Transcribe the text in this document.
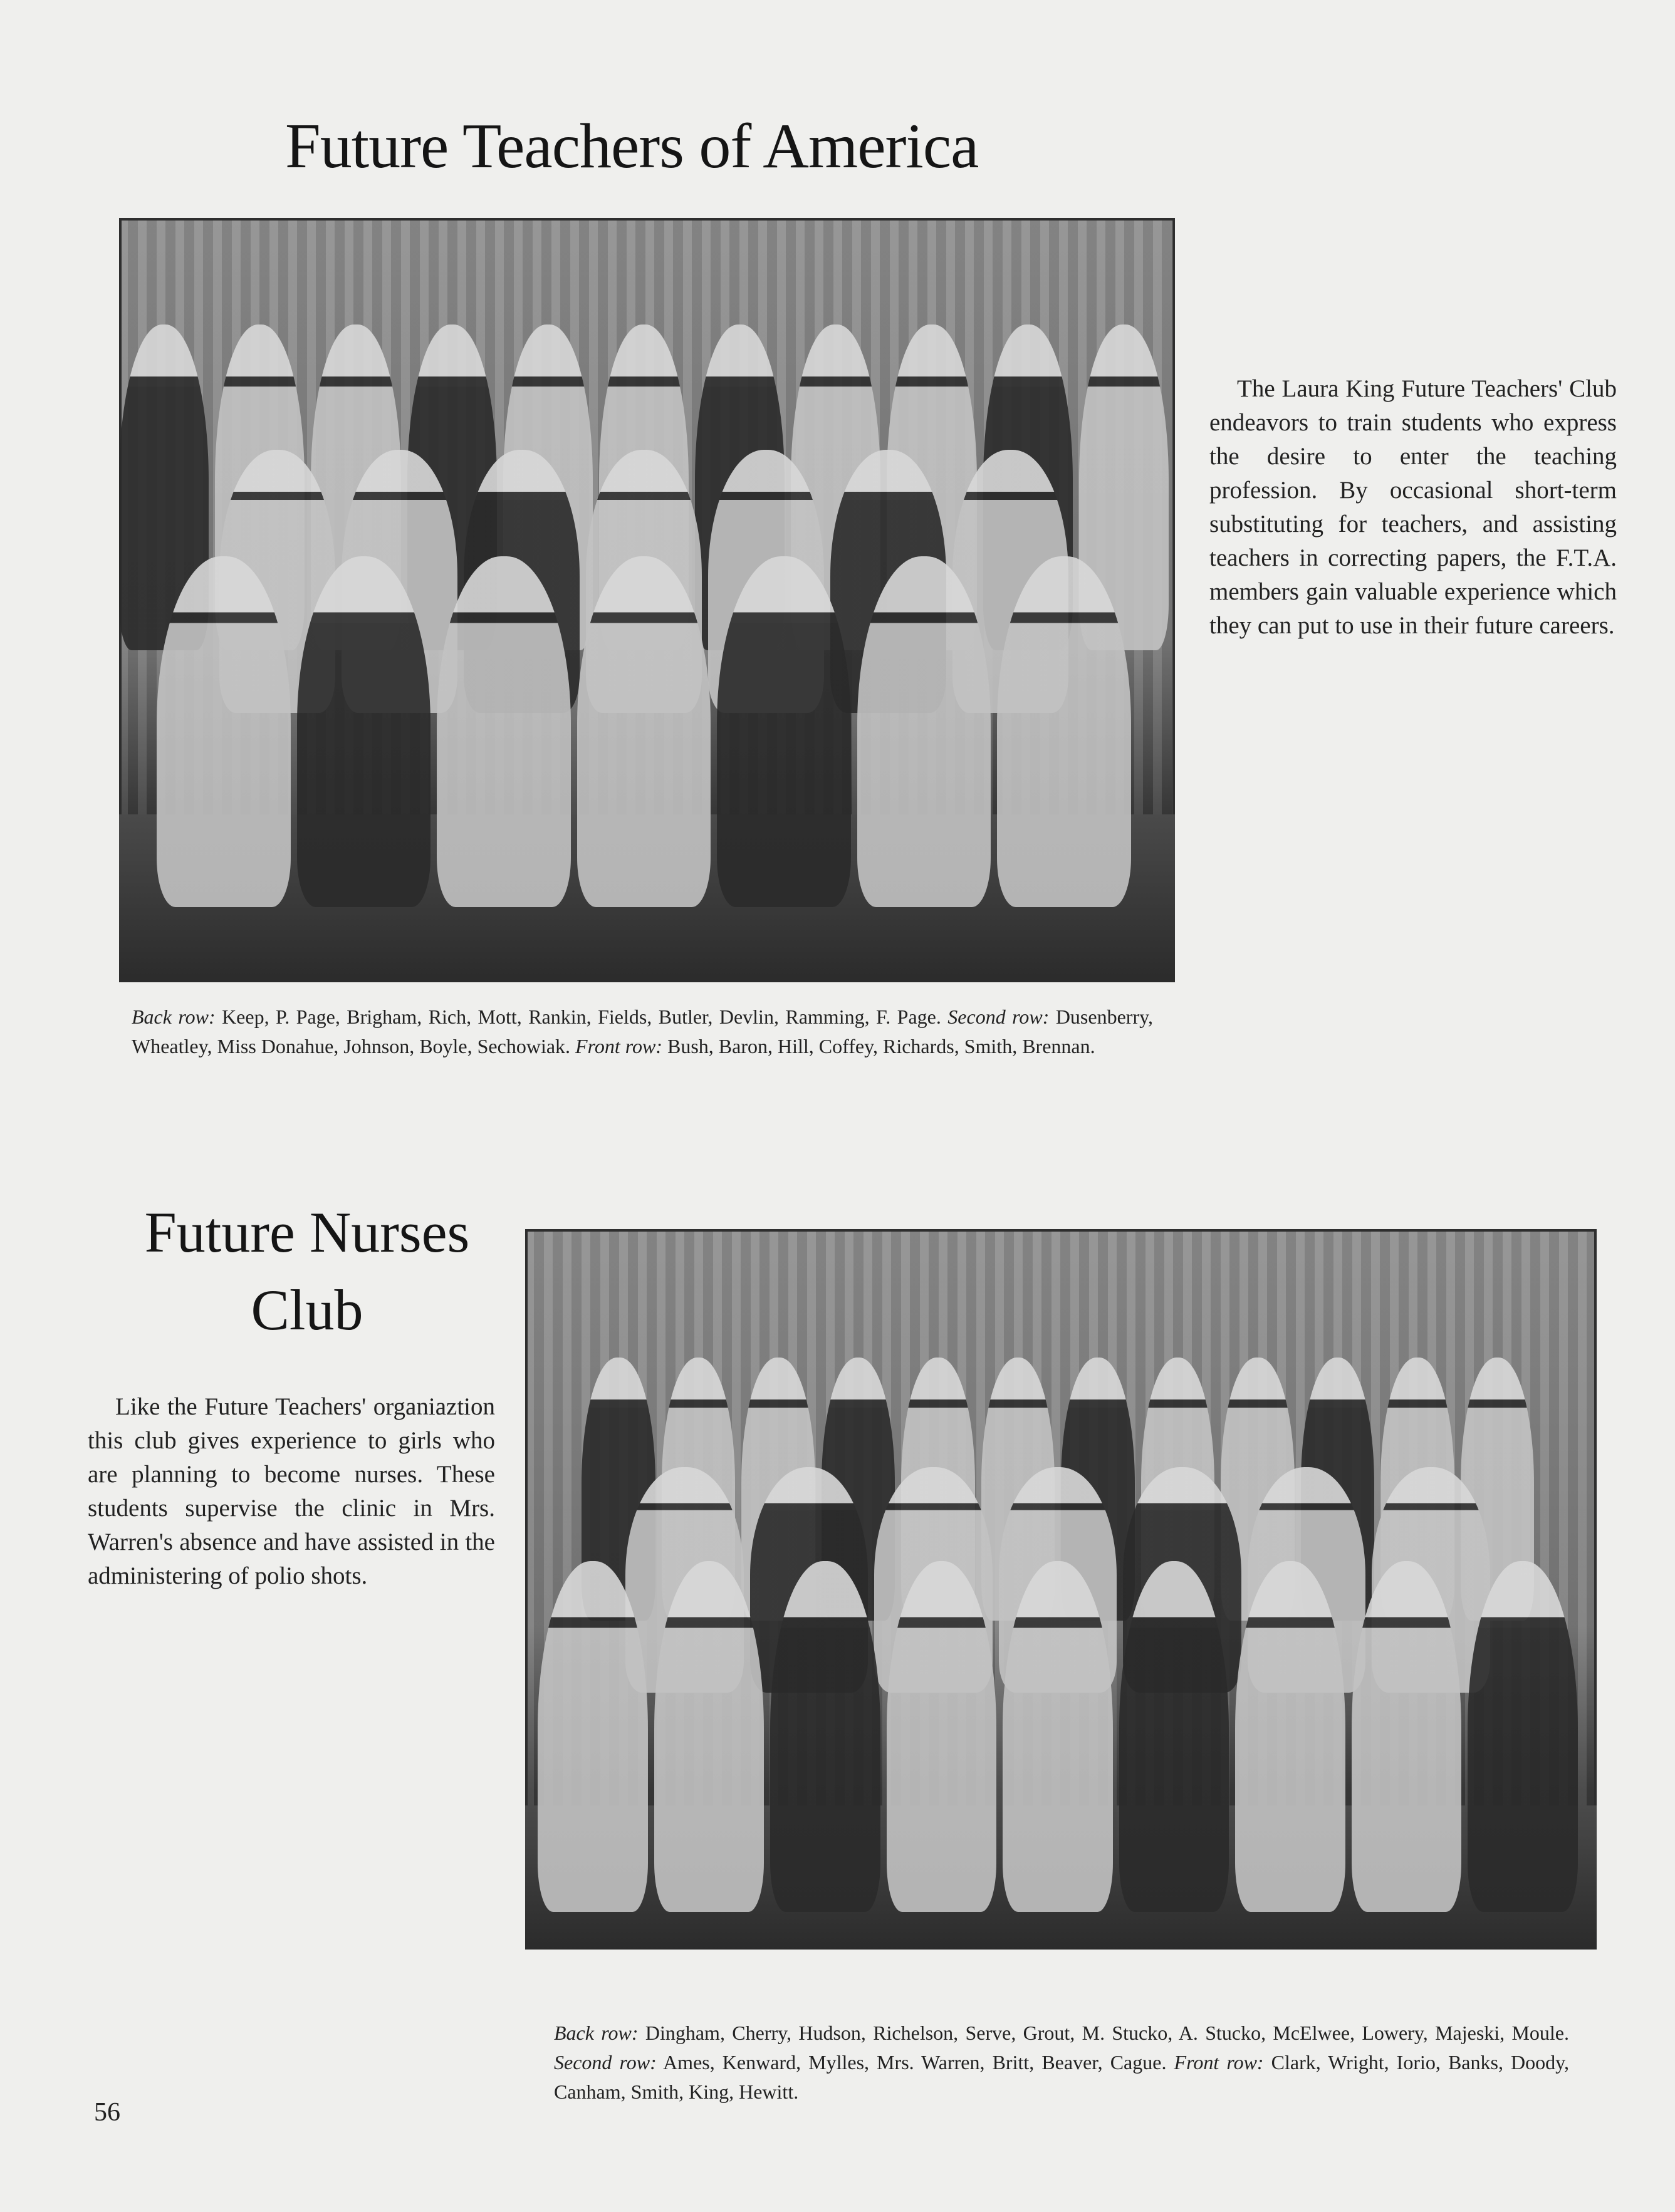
Future Teachers of America

The Laura King Future Teachers' Club endeavors to train students who express the desire to enter the teaching profession. By occasional short-term substituting for teachers, and assisting teachers in correcting papers, the F.T.A. members gain valuable experience which they can put to use in their future careers.

Back row: Keep, P. Page, Brigham, Rich, Mott, Rankin, Fields, Butler, Devlin, Ramming, F. Page. Second row: Dusenberry, Wheatley, Miss Donahue, Johnson, Boyle, Sechowiak. Front row: Bush, Baron, Hill, Coffey, Richards, Smith, Brennan.
Future Nurses
Club

Like the Future Teachers' organiaztion this club gives experience to girls who are planning to become nurses. These students supervise the clinic in Mrs. Warren's absence and have assisted in the administering of polio shots.

Back row: Dingham, Cherry, Hudson, Richelson, Serve, Grout, M. Stucko, A. Stucko, McElwee, Lowery, Majeski, Moule. Second row: Ames, Kenward, Mylles, Mrs. Warren, Britt, Beaver, Cague. Front row: Clark, Wright, Iorio, Banks, Doody, Canham, Smith, King, Hewitt.
56
